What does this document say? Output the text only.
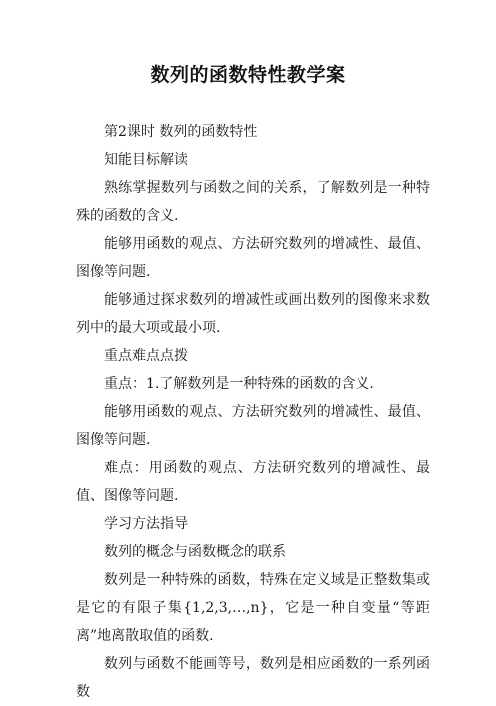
数列的函数特性教学案

第2课时 数列的函数特性

知能目标解读

熟练掌握数列与函数之间的关系，了解数列是一种特殊的函数的含义.

能够用函数的观点、方法研究数列的增减性、最值、图像等问题.

能够通过探求数列的增减性或画出数列的图像来求数列中的最大项或最小项.

重点难点点拨

重点：1.了解数列是一种特殊的函数的含义.

能够用函数的观点、方法研究数列的增减性、最值、图像等问题.

难点：用函数的观点、方法研究数列的增减性、最值、图像等问题.

学习方法指导

数列的概念与函数概念的联系

数列是一种特殊的函数，特殊在定义域是正整数集或是它的有限子集{1,2,3,…,n}，它是一种自变量“等距离”地离散取值的函数.

数列与函数不能画等号，数列是相应函数的一系列函数
